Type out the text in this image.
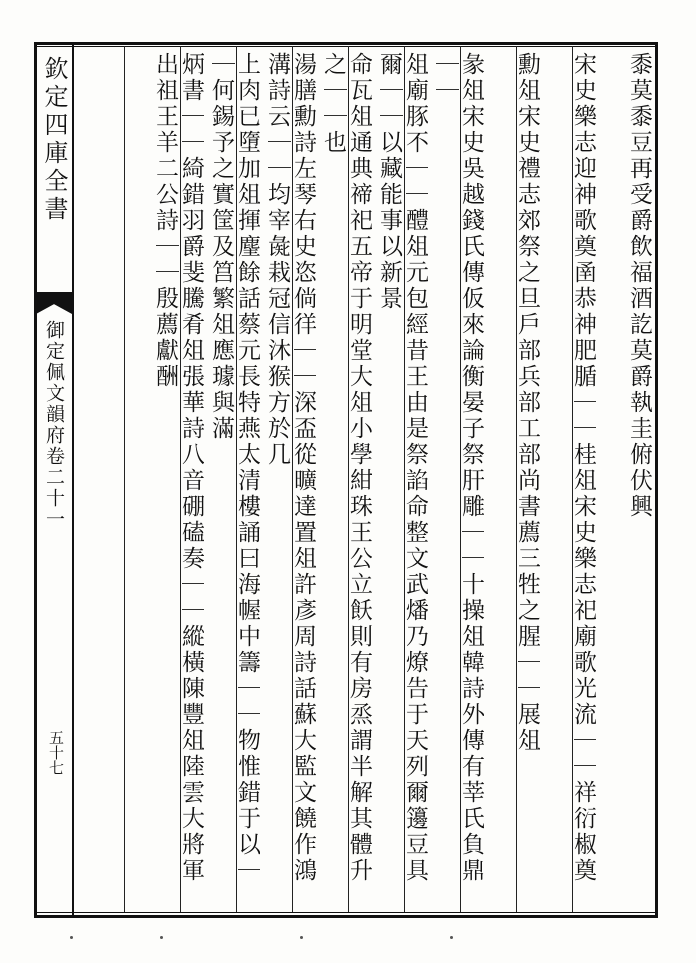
欽定四庫全書
御定佩文韻府卷二十一
五十七
黍莫黍豆再受爵飲福酒訖莫爵執圭俯伏興
宋史樂志迎神歌奠圅恭神肥腯｜｜桂俎宋史樂志祀廟歌光流｜｜祥衍椒奠
勳俎宋史禮志郊祭之旦戶部兵部工部尚書薦三牲之腥｜｜展俎
彖俎宋史吳越錢氏傳仮來論衡晏子祭肝雕｜｜十操俎韓詩外傳有莘氏負鼎｜｜
俎廟豚不｜｜醴俎元包經昔王由是祭諂命整文武燔乃燎告于天列爾籩豆具爾｜｜以藏能事以新景
命瓦俎通典禘祀五帝于明堂大俎小學紺珠王公立飫則有房烝謂半解其體升之｜｜也
湯膳勳詩左琴右史恣倘徉｜｜深盃從曠達置俎許彥周詩話蘇大監文饒作鴻溝詩云｜｜均宰彘栽冠信沐猴方於几
上肉已墮加俎揮麈餘話蔡元長特燕太清樓誦曰海幄中籌｜｜物惟錯于以｜｜何錫予之實筐及筥繁俎應璩與滿
炳書｜｜綺錯羽爵斐騰肴俎張華詩八音硼磕奏｜｜縱橫陳豐俎陸雲大將軍出祖王羊二公詩｜｜殷薦獻酬
